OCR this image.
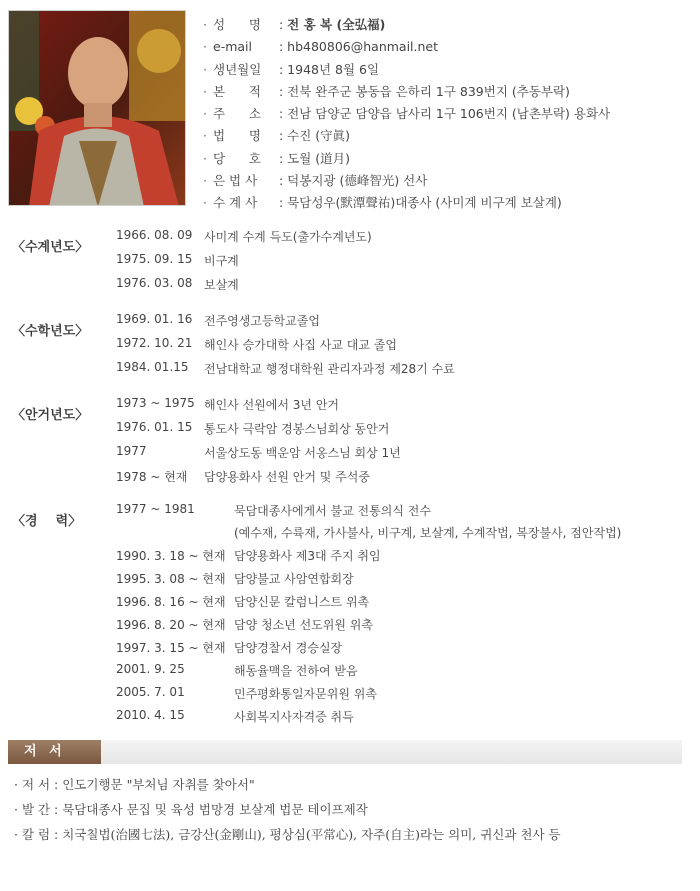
· 성      명 : 전 홍 복 (全弘福)
· e-mail : hb480806@hanmail.net
· 생년월일 : 1948년 8월 6일
· 본      적 : 전북 완주군 봉동읍 은하리 1구 839번지 (추동부락)
· 주      소 : 전남 담양군 담양읍 남사리 1구 106번지 (남촌부락) 용화사
· 법      명 : 수진 (守眞)
· 당      호 : 도월 (道月)
· 은 법 사 : 덕봉지광 (德峰智光) 선사
· 수 계 사 : 묵담성우(默潭聲祐)대종사 (사미계 비구계 보살계)
〈수계년도〉
1966. 08. 09 사미계 수계 득도(출가수계년도)
1975. 09. 15 비구계
1976. 03. 08 보살계
〈수학년도〉
1969. 01. 16 전주영생고등학교졸업
1972. 10. 21 해인사 승가대학 사집 사교 대교 졸업
1984. 01.15 전남대학교 행정대학원 관리자과정 제28기 수료
〈안거년도〉
1973 ~ 1975 해인사 선원에서 3년 안거
1976. 01. 15 통도사 극락암 경봉스님회상 동안거
1977	서울상도동 백운암 서옹스님 회상 1년
1978 ~ 현재 담양용화사 선원 안거 및 주석중
〈경    력〉
1977 ~ 1981	묵담대종사에게서 불교 전통의식 전수
(예수재, 수륙재, 가사불사, 비구계, 보살계, 수계작법, 복장불사, 점안작법)
1990. 3. 18 ~ 현재 담양용화사 제3대 주지 취임
1995. 3. 08 ~ 현재 담양불교 사암연합회장
1996. 8. 16 ~ 현재 담양신문 칼럼니스트 위촉
1996. 8. 20 ~ 현재 담양 청소년 선도위원 위촉
1997. 3. 15 ~ 현재 담양경찰서 경승실장
2001. 9. 25	해동율맥을 전하여 받음
2005. 7. 01	민주평화통일자문위원 위촉
2010. 4. 15	사회복지사자격증 취득
저 서
· 저 서 : 인도기행문 "부처님 자취를 찾아서"
· 발 간 : 묵담대종사 문집 및 육성 범망경 보살계 법문 테이프제작
· 칼 럼 : 치국칠법(治國七法), 금강산(金剛山), 평상심(平常心), 자주(自主)라는 의미, 귀신과 천사 등
